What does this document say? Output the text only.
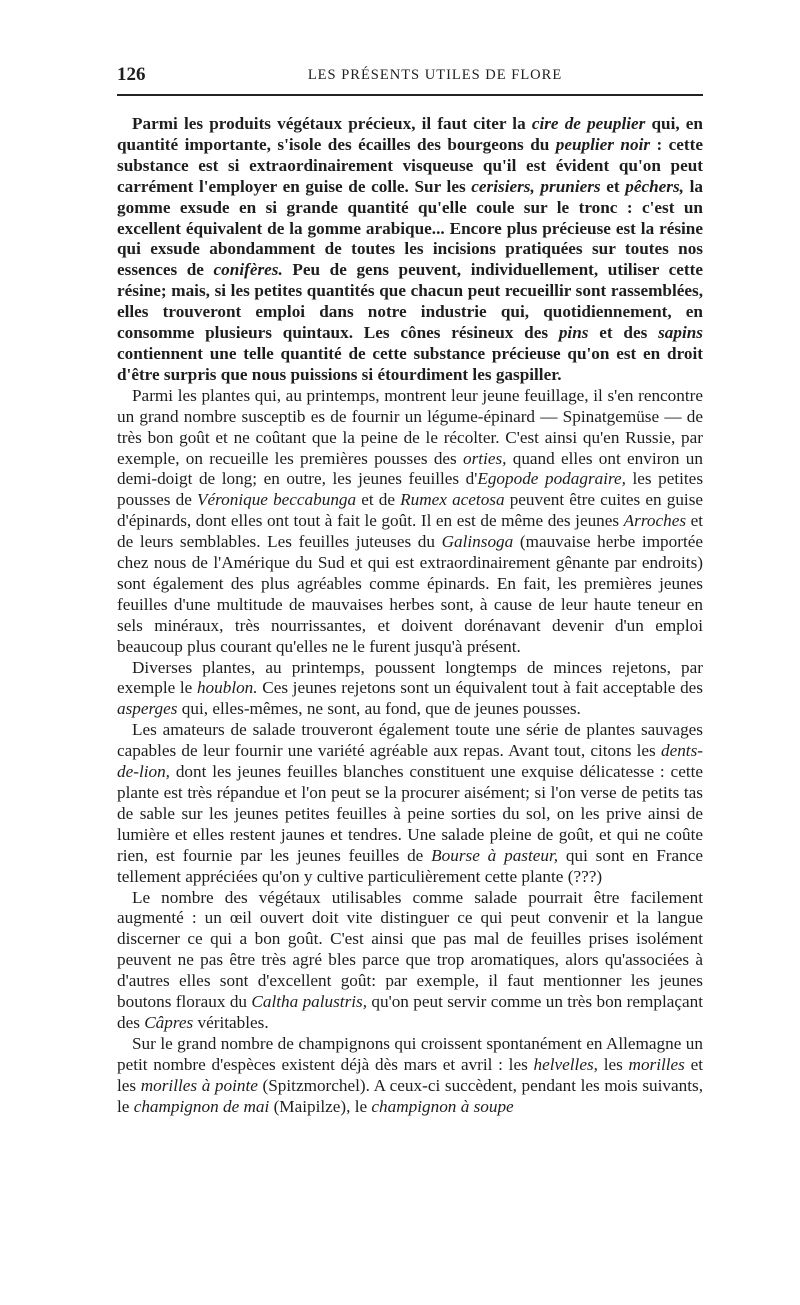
126	LES PRÉSENTS UTILES DE FLORE

Parmi les produits végétaux précieux, il faut citer la cire de peuplier qui, en quantité importante, s'isole des écailles des bourgeons du peuplier noir : cette substance est si extraordinairement visqueuse qu'il est évident qu'on peut carrément l'employer en guise de colle. Sur les cerisiers, pruniers et pêchers, la gomme exsude en si grande quantité qu'elle coule sur le tronc : c'est un excellent équivalent de la gomme arabique... Encore plus précieuse est la résine qui exsude abondamment de toutes les incisions pratiquées sur toutes nos essences de conifères. Peu de gens peuvent, individuellement, utiliser cette résine; mais, si les petites quantités que chacun peut recueillir sont rassemblées, elles trouveront emploi dans notre industrie qui, quotidiennement, en consomme plusieurs quintaux. Les cônes résineux des pins et des sapins contiennent une telle quantité de cette substance précieuse qu'on est en droit d'être surpris que nous puissions si étourdiment les gaspiller.

Parmi les plantes qui, au printemps, montrent leur jeune feuillage, il s'en rencontre un grand nombre susceptib es de fournir un légume-épinard — Spinatgemüse — de très bon goût et ne coûtant que la peine de le récolter. C'est ainsi qu'en Russie, par exemple, on recueille les premières pousses des orties, quand elles ont environ un demi-doigt de long; en outre, les jeunes feuilles d'Egopode podagraire, les petites pousses de Véronique beccabunga et de Rumex acetosa peuvent être cuites en guise d'épinards, dont elles ont tout à fait le goût. Il en est de même des jeunes Arroches et de leurs semblables. Les feuilles juteuses du Galinsoga (mauvaise herbe importée chez nous de l'Amérique du Sud et qui est extraordinairement gênante par endroits) sont également des plus agréables comme épinards. En fait, les premières jeunes feuilles d'une multitude de mauvaises herbes sont, à cause de leur haute teneur en sels minéraux, très nourrissantes, et doivent dorénavant devenir d'un emploi beaucoup plus courant qu'elles ne le furent jusqu'à présent.

Diverses plantes, au printemps, poussent longtemps de minces rejetons, par exemple le houblon. Ces jeunes rejetons sont un équivalent tout à fait acceptable des asperges qui, elles-mêmes, ne sont, au fond, que de jeunes pousses.

Les amateurs de salade trouveront également toute une série de plantes sauvages capables de leur fournir une variété agréable aux repas. Avant tout, citons les dents-de-lion, dont les jeunes feuilles blanches constituent une exquise délicatesse : cette plante est très répandue et l'on peut se la procurer aisément; si l'on verse de petits tas de sable sur les jeunes petites feuilles à peine sorties du sol, on les prive ainsi de lumière et elles restent jaunes et tendres. Une salade pleine de goût, et qui ne coûte rien, est fournie par les jeunes feuilles de Bourse à pasteur, qui sont en France tellement appréciées qu'on y cultive particulièrement cette plante (???)

Le nombre des végétaux utilisables comme salade pourrait être facilement augmenté : un œil ouvert doit vite distinguer ce qui peut convenir et la langue discerner ce qui a bon goût. C'est ainsi que pas mal de feuilles prises isolément peuvent ne pas être très agré bles parce que trop aromatiques, alors qu'associées à d'autres elles sont d'excellent goût: par exemple, il faut mentionner les jeunes boutons floraux du Caltha palustris, qu'on peut servir comme un très bon remplaçant des Câpres véritables.

Sur le grand nombre de champignons qui croissent spontanément en Allemagne un petit nombre d'espèces existent déjà dès mars et avril : les helvelles, les morilles et les morilles à pointe (Spitzmorchel). A ceux-ci succèdent, pendant les mois suivants, le champignon de mai (Maipilze), le champignon à soupe
